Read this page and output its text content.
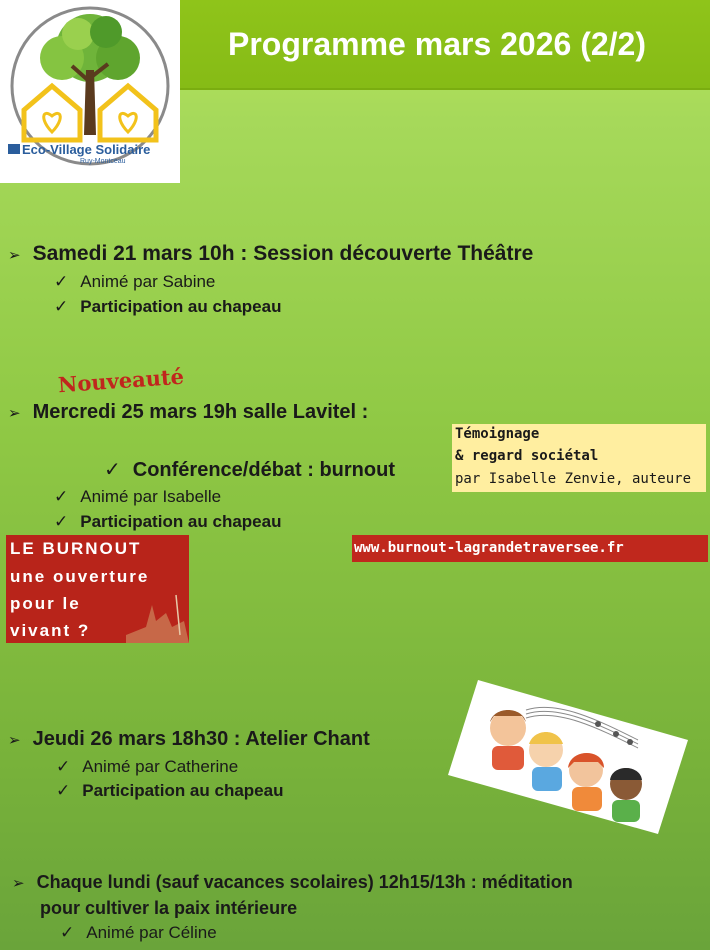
Programme mars 2026 (2/2)
Eco-Village Solidaire
Ruy-Montceau
➢ Samedi 21 mars 10h : Session découverte Théâtre
✓ Animé par Sabine
✓ Participation au chapeau
Nouveauté
➢ Mercredi 25 mars 19h salle Lavitel :
✓ Conférence/débat : burnout
✓ Animé par Isabelle
✓ Participation au chapeau
Témoignage
& regard sociétal
par Isabelle Zenvie, auteure
www.burnout-lagrandetraversee.fr
LE BURNOUT
une ouverture
pour le
vivant ?
➢ Jeudi 26 mars 18h30 : Atelier Chant
✓ Animé par Catherine
✓ Participation au chapeau
➢ Chaque lundi (sauf vacances scolaires) 12h15/13h : méditation
pour cultiver la paix intérieure
✓ Animé par Céline
